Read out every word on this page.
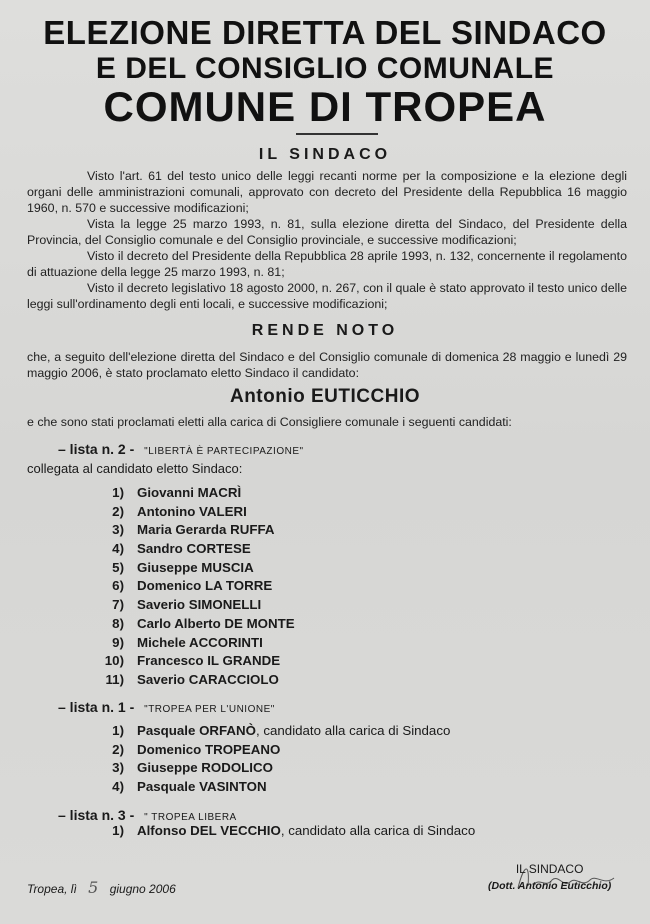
ELEZIONE DIRETTA DEL SINDACO
E DEL CONSIGLIO COMUNALE
COMUNE DI TROPEA
IL SINDACO
Visto l'art. 61 del testo unico delle leggi recanti norme per la composizione e la elezione degli organi delle amministrazioni comunali, approvato con decreto del Presidente della Repubblica 16 maggio 1960, n. 570 e successive modificazioni;
Vista la legge 25 marzo 1993, n. 81, sulla elezione diretta del Sindaco, del Presidente della Provincia, del Consiglio comunale e del Consiglio provinciale, e successive modificazioni;
Visto il decreto del Presidente della Repubblica 28 aprile 1993, n. 132, concernente il regolamento di attuazione della legge 25 marzo 1993, n. 81;
Visto il decreto legislativo 18 agosto 2000, n. 267, con il quale è stato approvato il testo unico delle leggi sull'ordinamento degli enti locali, e successive modificazioni;
RENDE NOTO
che, a seguito dell'elezione diretta del Sindaco e del Consiglio comunale di domenica 28 maggio e lunedì 29 maggio 2006, è stato proclamato eletto Sindaco il candidato:
Antonio EUTICCHIO
e che sono stati proclamati eletti alla carica di Consigliere comunale i seguenti candidati:
– lista n. 2 - "LIBERTÀ È PARTECIPAZIONE"
collegata al candidato eletto Sindaco:
1) Giovanni MACRÌ
2) Antonino VALERI
3) Maria Gerarda RUFFA
4) Sandro CORTESE
5) Giuseppe MUSCIA
6) Domenico LA TORRE
7) Saverio SIMONELLI
8) Carlo Alberto DE MONTE
9) Michele ACCORINTI
10) Francesco IL GRANDE
11) Saverio CARACCIOLO
– lista n. 1 - "TROPEA PER L'UNIONE"
1) Pasquale ORFANÒ, candidato alla carica di Sindaco
2) Domenico TROPEANO
3) Giuseppe RODOLICO
4) Pasquale VASINTON
– lista n. 3 - " TROPEA LIBERA
1) Alfonso DEL VECCHIO, candidato alla carica di Sindaco
Tropea, lì 5 giugno 2006
IL SINDACO
(Dott. Antonio Euticchio)
